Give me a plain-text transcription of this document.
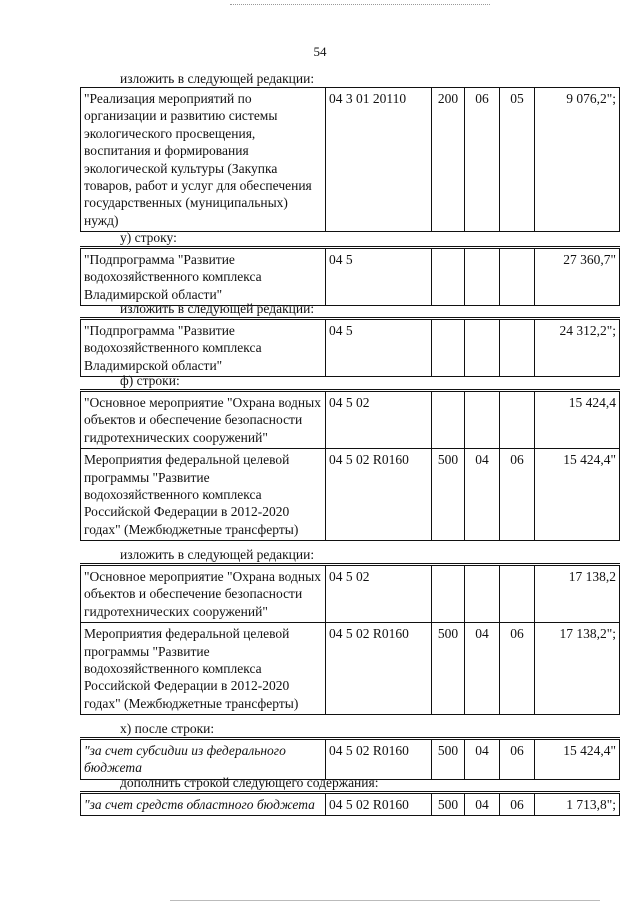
54
изложить в следующей редакции:
"Реализация мероприятий по организации и развитию системы экологического просвещения, воспитания и формирования экологической культуры (Закупка товаров, работ и услуг для обеспечения государственных (муниципальных) нужд)	04 3 01 20110	200	06	05	9 076,2";
у) строку:
"Подпрограмма "Развитие водохозяйственного комплекса Владимирской области"	04 5				27 360,7"
изложить в следующей редакции:
"Подпрограмма "Развитие водохозяйственного комплекса Владимирской области"	04 5				24 312,2";
ф) строки:
"Основное мероприятие "Охрана водных объектов и обеспечение безопасности гидротехнических сооружений"	04 5 02				15 424,4
Мероприятия федеральной целевой программы "Развитие водохозяйственного комплекса Российской Федерации в 2012-2020 годах" (Межбюджетные трансферты)	04 5 02 R0160	500	04	06	15 424,4"
изложить в следующей редакции:
"Основное мероприятие "Охрана водных объектов и обеспечение безопасности гидротехнических сооружений"	04 5 02				17 138,2
Мероприятия федеральной целевой программы "Развитие водохозяйственного комплекса Российской Федерации в 2012-2020 годах" (Межбюджетные трансферты)	04 5 02 R0160	500	04	06	17 138,2";
х) после строки:
"за счет субсидии из федерального бюджета	04 5 02 R0160	500	04	06	15 424,4"
дополнить строкой следующего содержания:
"за счет средств областного бюджета	04 5 02 R0160	500	04	06	1 713,8";
